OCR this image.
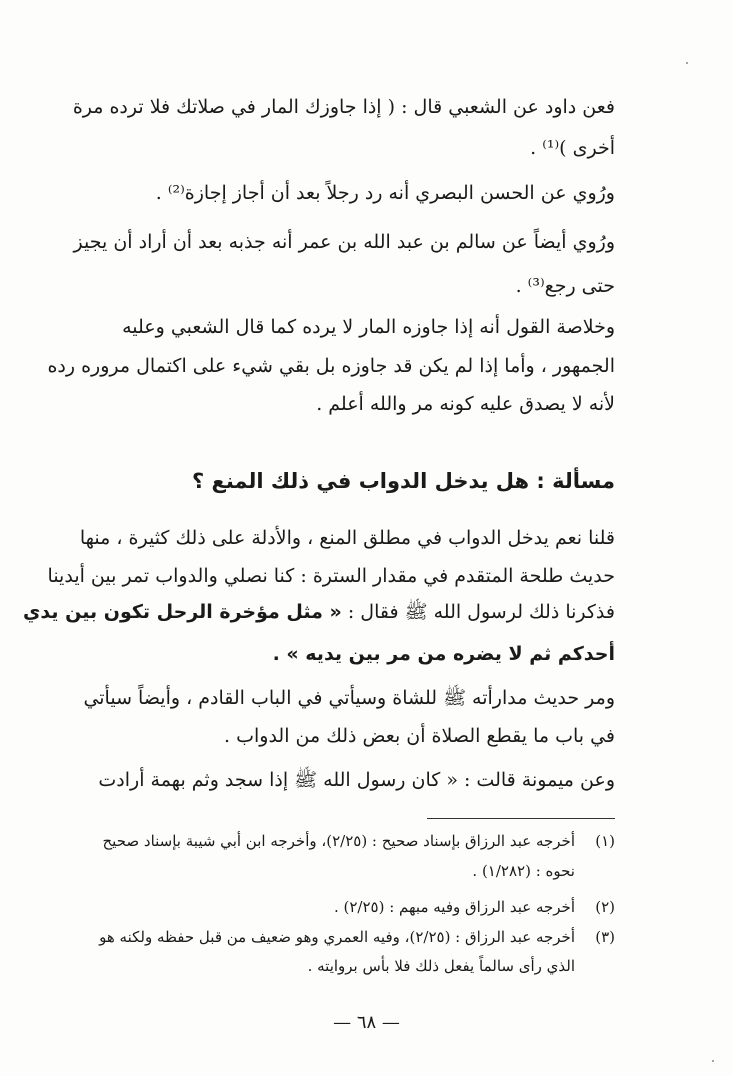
فعن داود عن الشعبي قال : ( إذا جاوزك المار في صلاتك فلا ترده مرة
أخرى )⁽¹⁾ .
ورُوي عن الحسن البصري أنه رد رجلاً بعد أن أجاز إجازة⁽²⁾ .
ورُوي أيضاً عن سالم بن عبد الله بن عمر أنه جذبه بعد أن أراد أن يجيز
حتى رجع⁽³⁾ .
وخلاصة القول أنه إذا جاوزه المار لا يرده كما قال الشعبي وعليه
الجمهور ، وأما إذا لم يكن قد جاوزه بل بقي شيء على اكتمال مروره رده
لأنه لا يصدق عليه كونه مر والله أعلم .
مسألة : هل يدخل الدواب في ذلك المنع ؟
قلنا نعم يدخل الدواب في مطلق المنع ، والأدلة على ذلك كثيرة ، منها
حديث طلحة المتقدم في مقدار السترة : كنا نصلي والدواب تمر بين أيدينا
فذكرنا ذلك لرسول الله ﷺ فقال : « مثل مؤخرة الرحل تكون بين يدي
أحدكم ثم لا يضره من مر بين يديه » .
ومر حديث مدارأته ﷺ للشاة وسيأتي في الباب القادم ، وأيضاً سيأتي
في باب ما يقطع الصلاة أن بعض ذلك من الدواب .
وعن ميمونة قالت : « كان رسول الله ﷺ إذا سجد وثم بهمة أرادت
(١)أخرجه عبد الرزاق بإسناد صحيح : (٢/٢٥)، وأخرجه ابن أبي شيبة بإسناد صحيح
نحوه : (١/٢٨٢) .
(٢)أخرجه عبد الرزاق وفيه مبهم : (٢/٢٥) .
(٣)أخرجه عبد الرزاق : (٢/٢٥)، وفيه العمري وهو ضعيف من قبل حفظه ولكنه هو
الذي رأى سالماً يفعل ذلك فلا بأس بروايته .
— ٦٨ —
